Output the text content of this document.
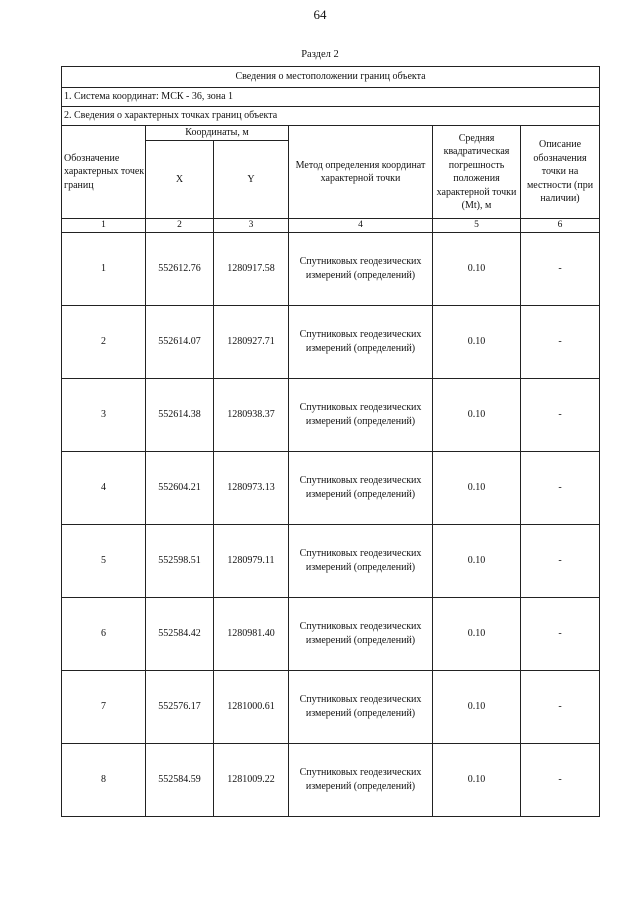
64
Раздел 2
Сведения о местоположении границ объекта					
1. Система координат: МСК - 36, зона 1					
2. Сведения о характерных точках границ объекта					
Обозначение характерных точек границ	Координаты, м		Метод определения координат характерной точки	Средняя квадратическая погрешность положения характерной точки (Mt), м	Описание обозначения точки на местности (при наличии)
	X	Y			
1	2	3	4	5	6
1	552612.76	1280917.58	Спутниковых геодезических измерений (определений)	0.10	-
2	552614.07	1280927.71	Спутниковых геодезических измерений (определений)	0.10	-
3	552614.38	1280938.37	Спутниковых геодезических измерений (определений)	0.10	-
4	552604.21	1280973.13	Спутниковых геодезических измерений (определений)	0.10	-
5	552598.51	1280979.11	Спутниковых геодезических измерений (определений)	0.10	-
6	552584.42	1280981.40	Спутниковых геодезических измерений (определений)	0.10	-
7	552576.17	1281000.61	Спутниковых геодезических измерений (определений)	0.10	-
8	552584.59	1281009.22	Спутниковых геодезических измерений (определений)	0.10	-
